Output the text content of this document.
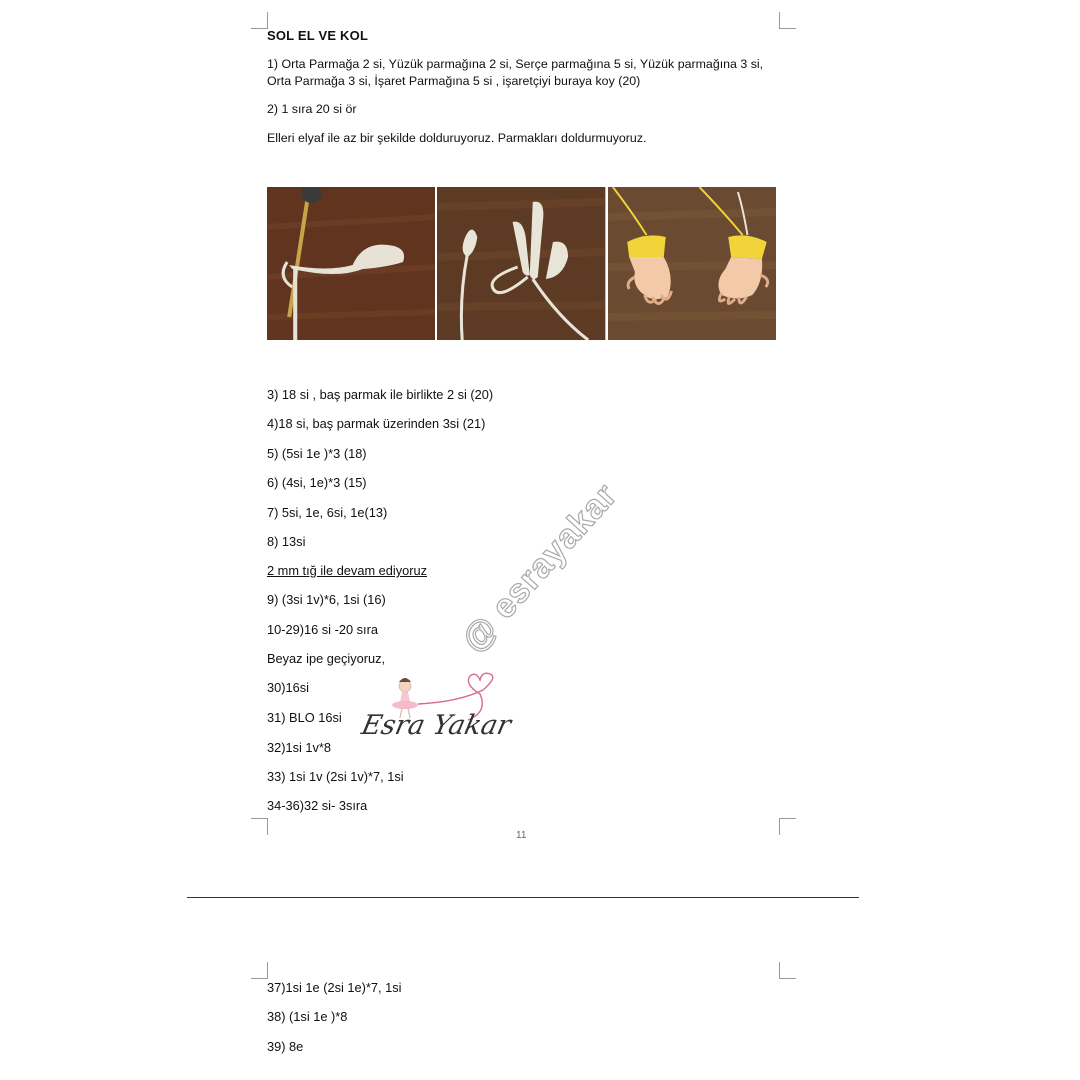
SOL EL VE KOL
1) Orta Parmağa 2 si, Yüzük parmağına 2 si, Serçe parmağına 5 si, Yüzük parmağına 3 si, Orta Parmağa 3 si, İşaret Parmağına 5 si , işaretçiyi buraya koy (20)
2) 1 sıra 20 si ör
Elleri elyaf ile az bir şekilde dolduruyoruz. Parmakları doldurmuyoruz.
3) 18 si , baş parmak ile birlikte 2 si (20)
4)18 si, baş parmak üzerinden 3si (21)
5) (5si 1e )*3 (18)
6) (4si, 1e)*3 (15)
7) 5si, 1e, 6si, 1e(13)
8) 13si
2 mm tığ ile devam ediyoruz
9) (3si 1v)*6, 1si (16)
10-29)16 si -20 sıra
Beyaz ipe geçiyoruz,
30)16si
31) BLO 16si
32)1si 1v*8
33) 1si 1v (2si 1v)*7, 1si
34-36)32 si- 3sıra
11
37)1si 1e (2si 1e)*7, 1si
38) (1si 1e )*8
39) 8e
@ esrayakar
Esra Yakar
